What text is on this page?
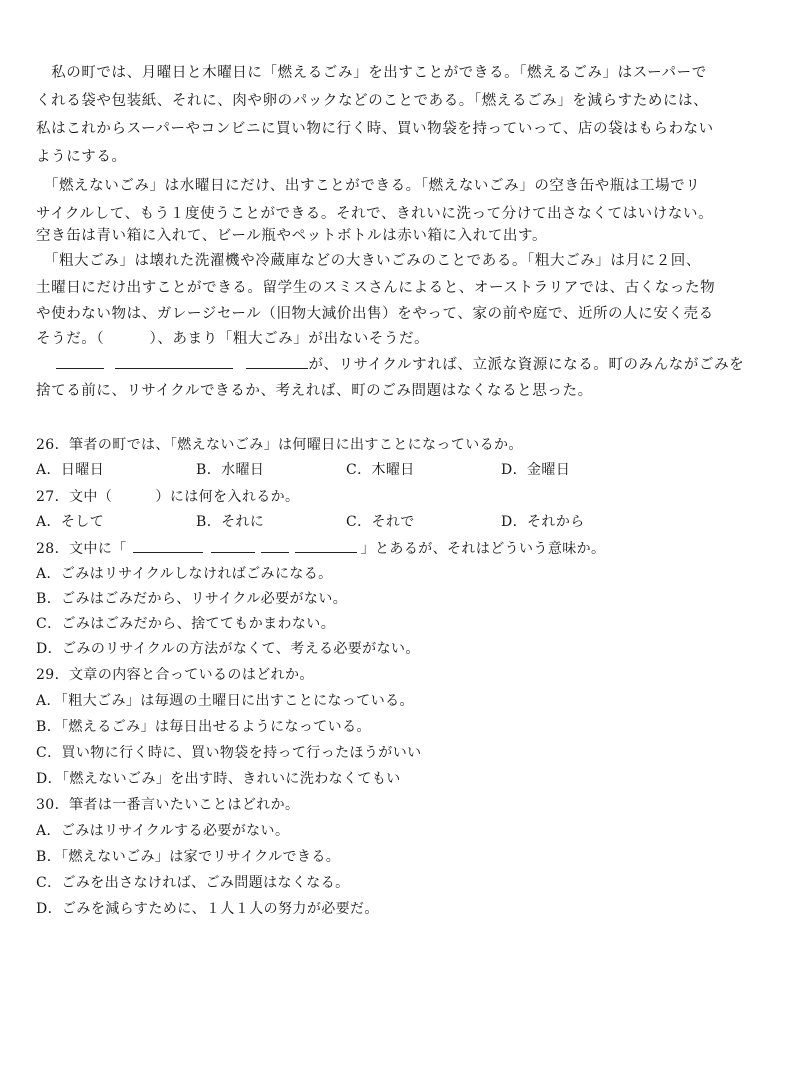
　私の町では、月曜日と木曜日に「燃えるごみ」を出すことができる。「燃えるごみ」はスーパーで
くれる袋や包装紙、それに、肉や卵のパックなどのことである。「燃えるごみ」を減らすためには、
私はこれからスーパーやコンビニに買い物に行く時、買い物袋を持っていって、店の袋はもらわない
ようにする。
　「燃えないごみ」は水曜日にだけ、出すことができる。「燃えないごみ」の空き缶や瓶は工場でリ
サイクルして、もう１度使うことができる。それで、きれいに洗って分けて出さなくてはいけない。
空き缶は青い箱に入れて、ビール瓶やペットボトルは赤い箱に入れて出す。
　「粗大ごみ」は壊れた洗濯機や冷蔵庫などの大きいごみのことである。「粗大ごみ」は月に２回、
土曜日にだけ出すことができる。留学生のスミスさんによると、オーストラリアでは、古くなった物
や使わない物は、ガレージセール（旧物大減价出售）をやって、家の前や庭で、近所の人に安く売る
そうだ。（　　　）、あまり「粗大ごみ」が出ないそうだ。
が、リサイクルすれば、立派な資源になる。町のみんながごみを
捨てる前に、リサイクルできるか、考えれば、町のごみ問題はなくなると思った。
26．筆者の町では、「燃えないごみ」は何曜日に出すことになっているか。
A．日曜日	B．水曜日	C．木曜日	D．金曜日
27．文中（　　　）には何を入れるか。
A．そして	B．それに	C．それで	D．それから
28．文中に「	」とあるが、それはどういう意味か。
A．ごみはリサイクルしなければごみになる。
B．ごみはごみだから、リサイクル必要がない。
C．ごみはごみだから、捨ててもかまわない。
D．ごみのリサイクルの方法がなくて、考える必要がない。
29．文章の内容と合っているのはどれか。
A．「粗大ごみ」は毎週の土曜日に出すことになっている。
B．「燃えるごみ」は毎日出せるようになっている。
C．買い物に行く時に、買い物袋を持って行ったほうがいい
D．「燃えないごみ」を出す時、きれいに洗わなくてもい
30．筆者は一番言いたいことはどれか。
A．ごみはリサイクルする必要がない。
B．「燃えないごみ」は家でリサイクルできる。
C．ごみを出さなければ、ごみ問題はなくなる。
D．ごみを減らすために、１人１人の努力が必要だ。
